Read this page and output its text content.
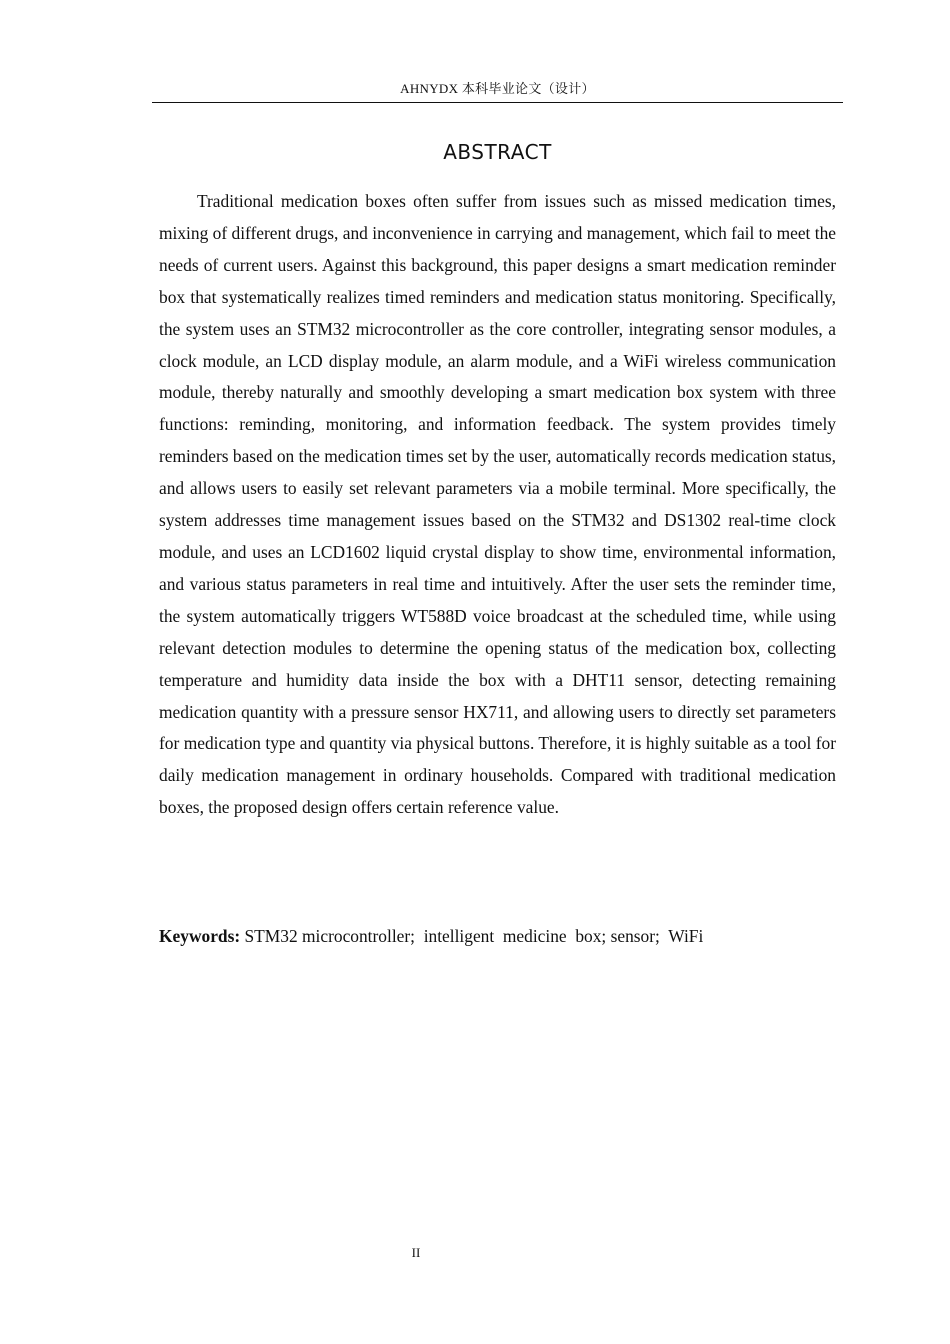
AHNYDX 本科毕业论文（设计）
ABSTRACT

Traditional medication boxes often suffer from issues such as missed medication times, mixing of different drugs, and inconvenience in carrying and management, which fail to meet the needs of current users. Against this background, this paper designs a smart medication reminder box that systematically realizes timed reminders and medication status monitoring. Specifically, the system uses an STM32 microcontroller as the core controller, integrating sensor modules, a clock module, an LCD display module, an alarm module, and a WiFi wireless communication module, thereby naturally and smoothly developing a smart medication box system with three functions: reminding, monitoring, and information feedback. The system provides timely reminders based on the medication times set by the user, automatically records medication status, and allows users to easily set relevant parameters via a mobile terminal. More specifically, the system addresses time management issues based on the STM32 and DS1302 real-time clock module, and uses an LCD1602 liquid crystal display to show time, environmental information, and various status parameters in real time and intuitively. After the user sets the reminder time, the system automatically triggers WT588D voice broadcast at the scheduled time, while using relevant detection modules to determine the opening status of the medication box, collecting temperature and humidity data inside the box with a DHT11 sensor, detecting remaining medication quantity with a pressure sensor HX711, and allowing users to directly set parameters for medication type and quantity via physical buttons. Therefore, it is highly suitable as a tool for daily medication management in ordinary households. Compared with traditional medication boxes, the proposed design offers certain reference value.

Keywords: STM32 microcontroller;  intelligent  medicine  box; sensor;  WiFi

II
